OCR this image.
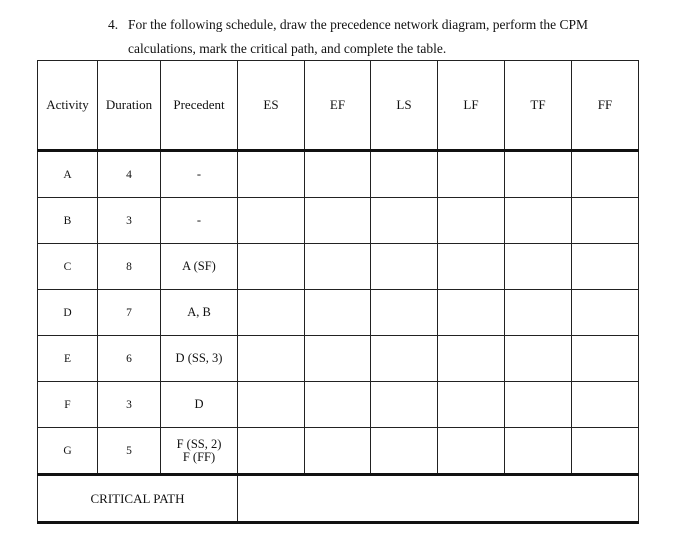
4. For the following schedule, draw the precedence network diagram, perform the CPM
calculations, mark the critical path, and complete the table.
Activity	Duration	Precedent	ES	EF	LS	LF	TF	FF
A	4	-						
B	3	-						
C	8	A (SF)						
D	7	A, B						
E	6	D (SS, 3)						
F	3	D						
G	5	F (SS, 2)
F (FF)						

CRITICAL PATH								
